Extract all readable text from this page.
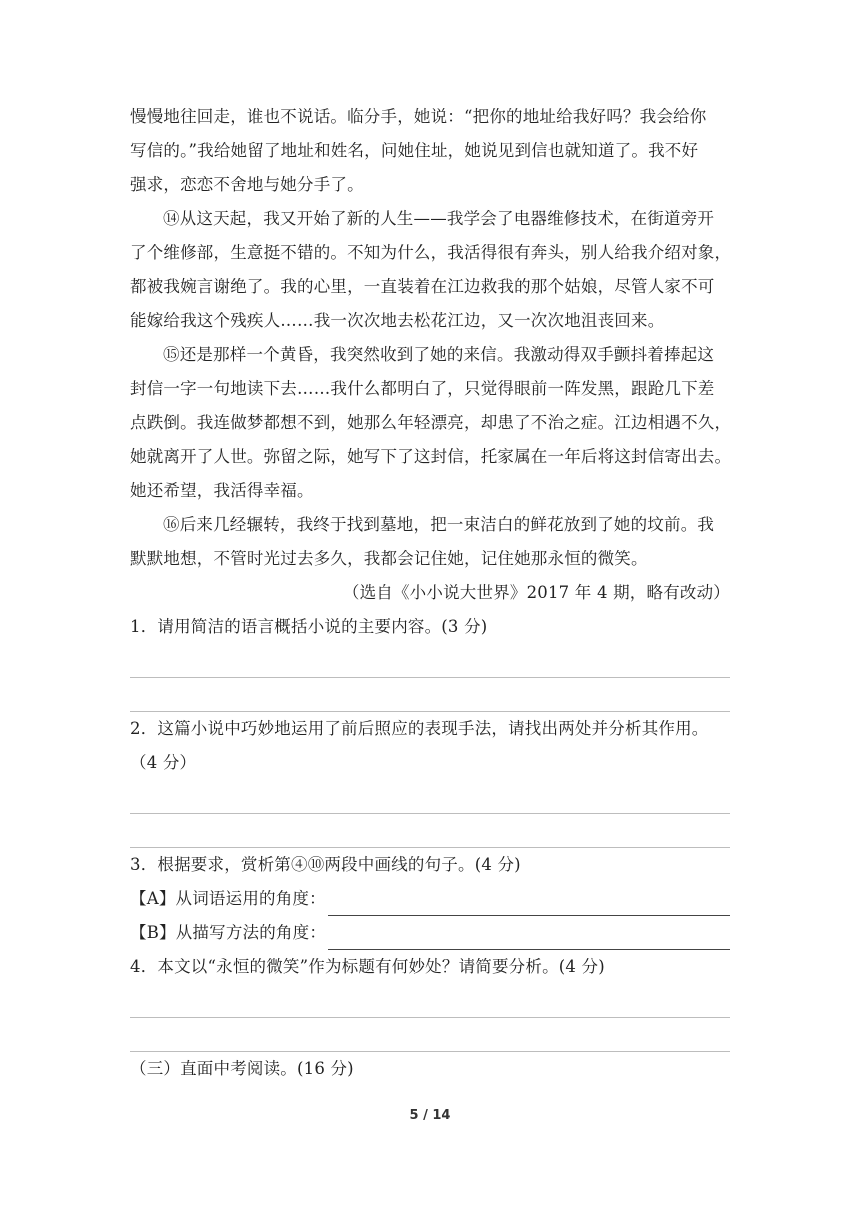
慢慢地往回走，谁也不说话。临分手，她说：“把你的地址给我好吗？我会给你
写信的。”我给她留了地址和姓名，问她住址，她说见到信也就知道了。我不好
强求，恋恋不舍地与她分手了。
⑭从这天起，我又开始了新的人生——我学会了电器维修技术，在街道旁开
了个维修部，生意挺不错的。不知为什么，我活得很有奔头，别人给我介绍对象，
都被我婉言谢绝了。我的心里，一直装着在江边救我的那个姑娘，尽管人家不可
能嫁给我这个残疾人……我一次次地去松花江边，又一次次地沮丧回来。
⑮还是那样一个黄昏，我突然收到了她的来信。我激动得双手颤抖着捧起这
封信一字一句地读下去……我什么都明白了，只觉得眼前一阵发黑，跟跄几下差
点跌倒。我连做梦都想不到，她那么年轻漂亮，却患了不治之症。江边相遇不久，
她就离开了人世。弥留之际，她写下了这封信，托家属在一年后将这封信寄出去。
她还希望，我活得幸福。
⑯后来几经辗转，我终于找到墓地，把一束洁白的鲜花放到了她的坟前。我
默默地想，不管时光过去多久，我都会记住她，记住她那永恒的微笑。
（选自《小小说大世界》2017 年 4 期，略有改动）
1．请用简洁的语言概括小说的主要内容。(3 分)
2．这篇小说中巧妙地运用了前后照应的表现手法，请找出两处并分析其作用。
（4 分）
3．根据要求，赏析第④⑩两段中画线的句子。(4 分)
【A】从词语运用的角度：
【B】从描写方法的角度：
4．本文以“永恒的微笑”作为标题有何妙处？请简要分析。(4 分)
（三）直面中考阅读。(16 分)
5 / 14
